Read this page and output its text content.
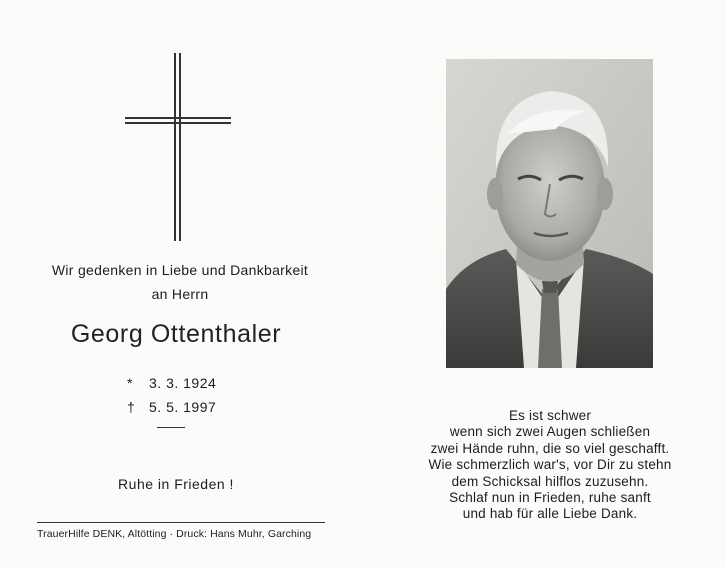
Wir gedenken in Liebe und Dankbarkeit
an Herrn
Georg Ottenthaler
* 3. 3. 1924
† 5. 5. 1997
Ruhe in Frieden !
TrauerHilfe DENK, Altötting · Druck: Hans Muhr, Garching
Es ist schwer
wenn sich zwei Augen schließen
zwei Hände ruhn, die so viel geschafft.
Wie schmerzlich war's, vor Dir zu stehn
dem Schicksal hilflos zuzusehn.
Schlaf nun in Frieden, ruhe sanft
und hab für alle Liebe Dank.
